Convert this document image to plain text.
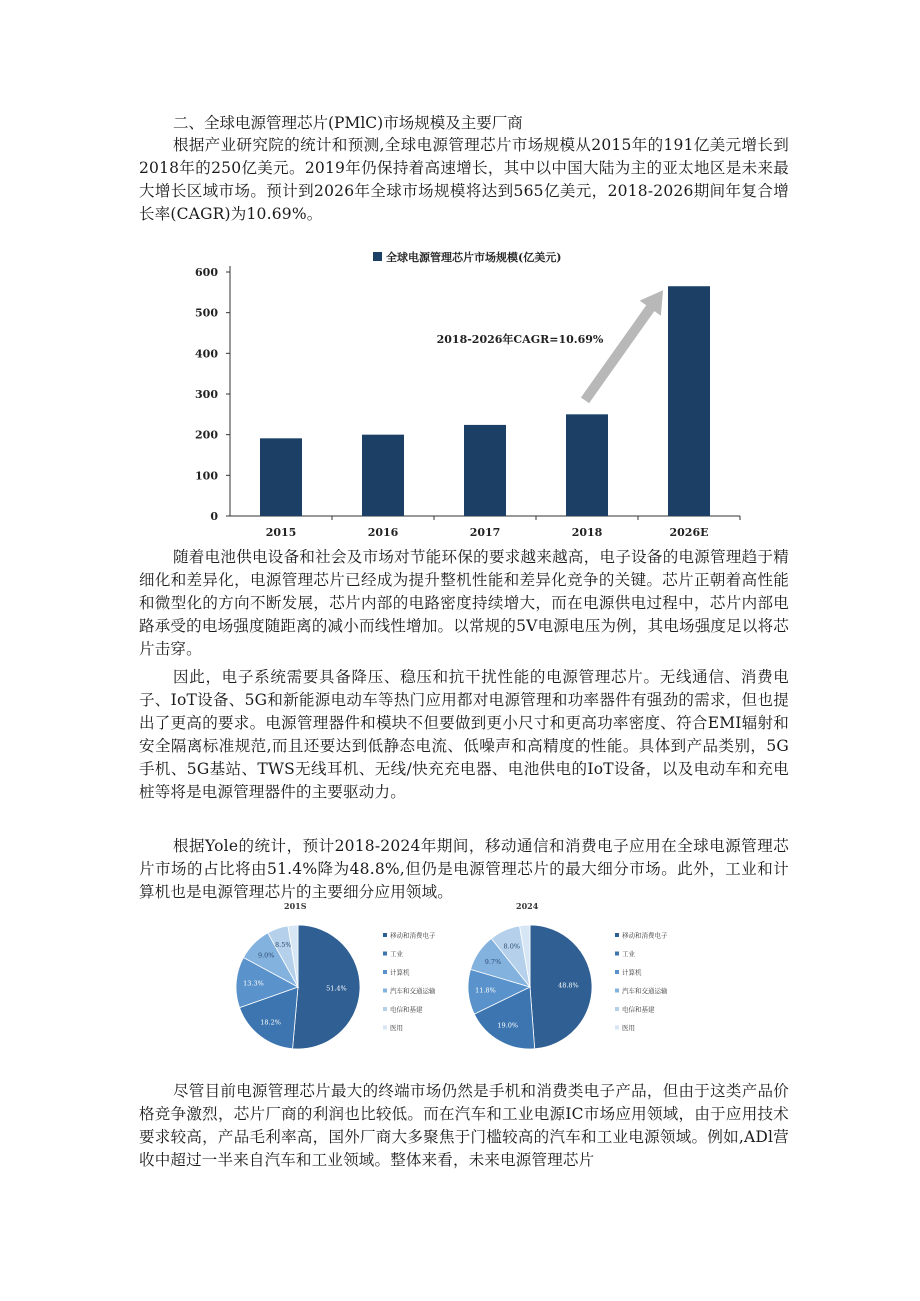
二、全球电源管理芯片(PMlC)市场规模及主要厂商

根据产业研究院的统计和预测,全球电源管理芯片市场规模从2015年的191亿美元增长到2018年的250亿美元。2019年仍保持着高速增长，其中以中国大陆为主的亚太地区是未来最大增长区域市场。预计到2026年全球市场规模将达到565亿美元，2018-2026期间年复合增长率(CAGR)为10.69%。

全球电源管理芯片市场规模(亿美元)
0
100
200
300
400
500
600
2015	2016	2017	2018	2026E
2018-2026年CAGR=10.69%

随着电池供电设备和社会及市场对节能环保的要求越来越高，电子设备的电源管理趋于精细化和差异化，电源管理芯片已经成为提升整机性能和差异化竞争的关键。芯片正朝着高性能和微型化的方向不断发展，芯片内部的电路密度持续增大，而在电源供电过程中，芯片内部电路承受的电场强度随距离的减小而线性增加。以常规的5V电源电压为例，其电场强度足以将芯片击穿。

因此，电子系统需要具备降压、稳压和抗干扰性能的电源管理芯片。无线通信、消费电子、IoT设备、5G和新能源电动车等热门应用都对电源管理和功率器件有强劲的需求，但也提出了更高的要求。电源管理器件和模块不但要做到更小尺寸和更高功率密度、符合EMI辐射和安全隔离标准规范,而且还要达到低静态电流、低噪声和高精度的性能。具体到产品类别，5G手机、5G基站、TWS无线耳机、无线/快充充电器、电池供电的IoT设备，以及电动车和充电桩等将是电源管理器件的主要驱动力。

根据Yole的统计，预计2018-2024年期间，移动通信和消费电子应用在全球电源管理芯片市场的占比将由51.4%降为48.8%,但仍是电源管理芯片的最大细分市场。此外，工业和计算机也是电源管理芯片的主要细分应用领域。

201S
51.4%
18.2%
13.3%
9.0%
8.5%
移动和消费电子
工业
计算机
汽车和交通运输
电信和基建
医用
2024
48.8%
19.0%
11.8%
9.7%
8.0%
移动和消费电子
工业
计算机
汽车和交通运输
电信和基建
医用

尽管目前电源管理芯片最大的终端市场仍然是手机和消费类电子产品，但由于这类产品价格竞争激烈，芯片厂商的利润也比较低。而在汽车和工业电源IC市场应用领域，由于应用技术要求较高，产品毛利率高，国外厂商大多聚焦于门槛较高的汽车和工业电源领域。例如,ADl营收中超过一半来自汽车和工业领域。整体来看，未来电源管理芯片
